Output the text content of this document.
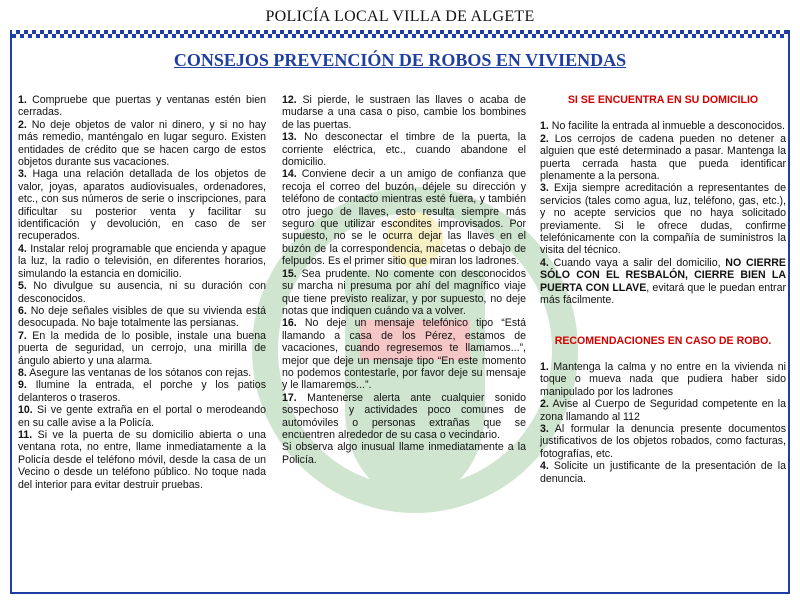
POLICÍA LOCAL VILLA DE ALGETE
CONSEJOS PREVENCIÓN DE ROBOS EN VIVIENDAS

1. Compruebe que puertas y ventanas estén bien cerradas.

2. No deje objetos de valor ni dinero, y si no hay más remedio, manténgalo en lugar seguro. Existen entidades de crédito que se hacen cargo de estos objetos durante sus vacaciones.

3. Haga una relación detallada de los objetos de valor, joyas, aparatos audiovisuales, ordenadores, etc., con sus números de serie o inscripciones, para dificultar su posterior venta y facilitar su identificación y devolución, en caso de ser recuperados.

4. Instalar reloj programable que encienda y apague la luz, la radio o televisión, en diferentes horarios, simulando la estancia en domicilio.

5. No divulgue su ausencia, ni su duración con desconocidos.

6. No deje señales visibles de que su vivienda está desocupada. No baje totalmente las persianas.

7. En la medida de lo posible, instale una buena puerta de seguridad, un cerrojo, una mirilla de ángulo abierto y una alarma.

8. Asegure las ventanas de los sótanos con rejas.

9. Ilumine la entrada, el porche y los patios delanteros o traseros.

10. Si ve gente extraña en el portal o merodeando en su calle avise a la Policía.

11. Si ve la puerta de su domicilio abierta o una ventana rota, no entre, llame inmediatamente a la Policía desde el teléfono móvil, desde la casa de un Vecino o desde un teléfono público. No toque nada del interior para evitar destruir pruebas.

12. Si pierde, le sustraen las llaves o acaba de mudarse a una casa o piso, cambie los bombines de las puertas.

13. No desconectar el timbre de la puerta, la corriente eléctrica, etc., cuando abandone el domicilio.

14. Conviene decir a un amigo de confianza que recoja el correo del buzón, déjele su dirección y teléfono de contacto mientras esté fuera, y también otro juego de llaves, esto resulta siempre más seguro que utilizar escondites improvisados. Por supuesto, no se le ocurra dejar las llaves en el buzón de la correspondencia, macetas o debajo de felpudos. Es el primer sitio que miran los ladrones.

15. Sea prudente. No comente con desconocidos su marcha ni presuma por ahí del magnífico viaje que tiene previsto realizar, y por supuesto, no deje notas que indiquen cuándo va a volver.

16. No deje un mensaje telefónico tipo “Está llamando a casa de los Pérez, estamos de vacaciones, cuando regresemos te llamamos...”, mejor que deje un mensaje tipo “En este momento no podemos contestarle, por favor deje su mensaje y le llamaremos...”.

17. Mantenerse alerta ante cualquier sonido sospechoso y actividades poco comunes de automóviles o personas extrañas que se encuentren alrededor de su casa o vecindario.

Si observa algo inusual llame inmediatamente a la Policía.

SI SE ENCUENTRA EN SU DOMICILIO

1. No facilite la entrada al inmueble a desconocidos.

2. Los cerrojos de cadena pueden no detener a alguien que esté determinado a pasar. Mantenga la puerta cerrada hasta que pueda identificar plenamente a la persona.

3. Exija siempre acreditación a representantes de servicios (tales como agua, luz, teléfono, gas, etc.), y no acepte servicios que no haya solicitado previamente. Si le ofrece dudas, confirme telefónicamente con la compañía de suministros la visita del técnico.

4. Cuando vaya a salir del domicilio, NO CIERRE SÓLO CON EL RESBALÓN, CIERRE BIEN LA PUERTA CON LLAVE, evitará que le puedan entrar más fácilmente.

RECOMENDACIONES EN CASO DE ROBO.

1. Mantenga la calma y no entre en la vivienda ni toque o mueva nada que pudiera haber sido manipulado por los ladrones

2. Avise al Cuerpo de Seguridad competente en la zona llamando al 112

3. Al formular la denuncia presente documentos justificativos de los objetos robados, como facturas, fotografías, etc.

4. Solicite un justificante de la presentación de la denuncia.
